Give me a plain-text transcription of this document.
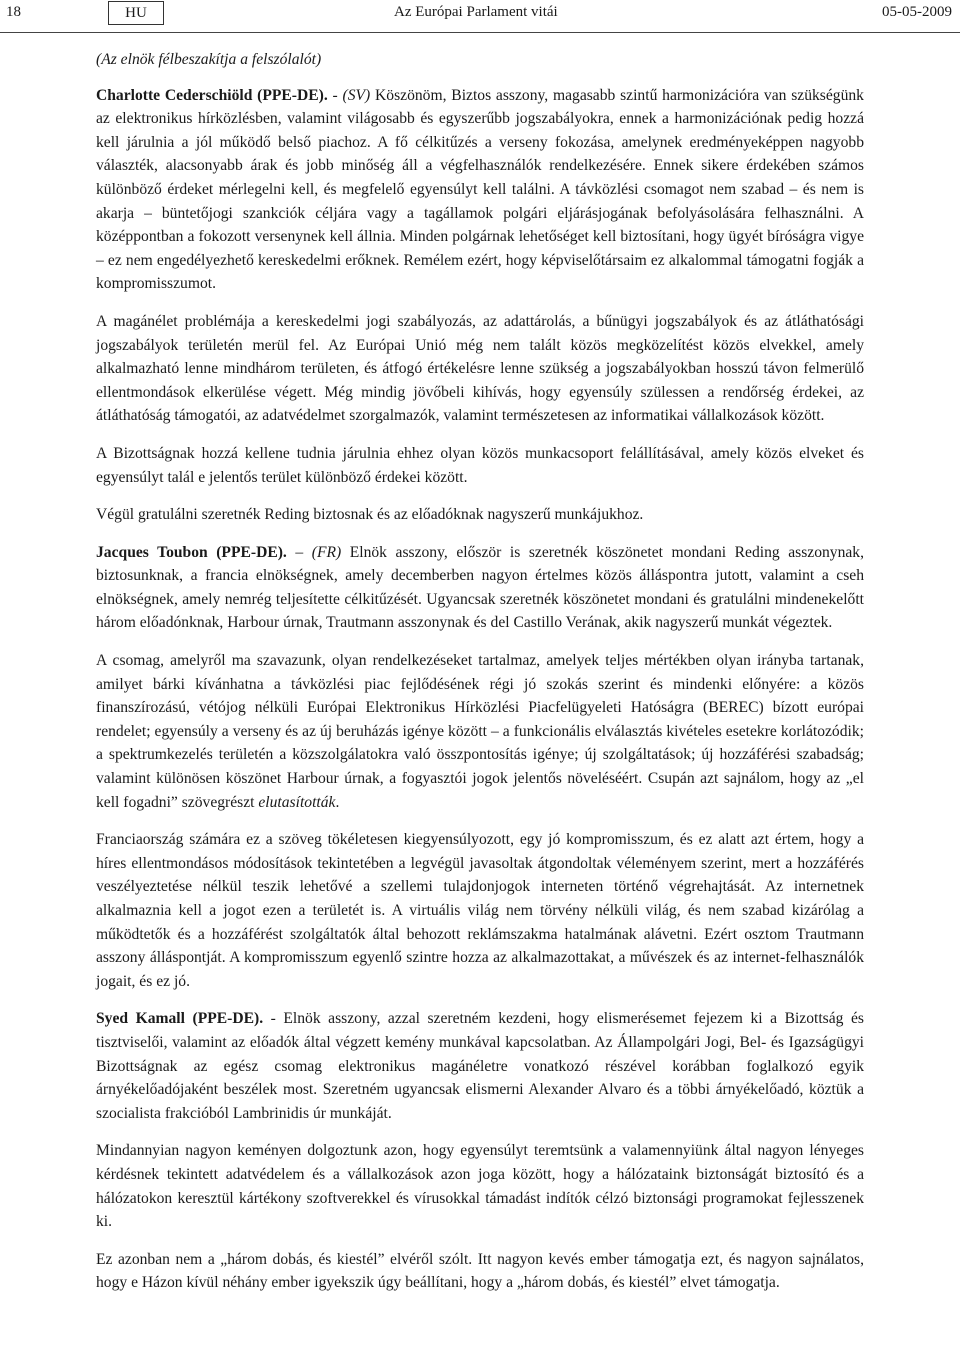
18	HU	Az Európai Parlament vitái	05-05-2009

(Az elnök félbeszakítja a felszólalót)

Charlotte Cederschiöld (PPE-DE). - (SV) Köszönöm, Biztos asszony, magasabb szintű harmonizációra van szükségünk az elektronikus hírközlésben, valamint világosabb és egyszerűbb jogszabályokra, ennek a harmonizációnak pedig hozzá kell járulnia a jól működő belső piachoz. A fő célkitűzés a verseny fokozása, amelynek eredményeképpen nagyobb választék, alacsonyabb árak és jobb minőség áll a végfelhasználók rendelkezésére. Ennek sikere érdekében számos különböző érdeket mérlegelni kell, és megfelelő egyensúlyt kell találni. A távközlési csomagot nem szabad – és nem is akarja – büntetőjogi szankciók céljára vagy a tagállamok polgári eljárásjogának befolyásolására felhasználni. A középpontban a fokozott versenynek kell állnia. Minden polgárnak lehetőséget kell biztosítani, hogy ügyét bíróságra vigye – ez nem engedélyezhető kereskedelmi erőknek. Remélem ezért, hogy képviselőtársaim ez alkalommal támogatni fogják a kompromisszumot.

A magánélet problémája a kereskedelmi jogi szabályozás, az adattárolás, a bűnügyi jogszabályok és az átláthatósági jogszabályok területén merül fel. Az Európai Unió még nem talált közös megközelítést közös elvekkel, amely alkalmazható lenne mindhárom területen, és átfogó értékelésre lenne szükség a jogszabályokban hosszú távon felmerülő ellentmondások elkerülése végett. Még mindig jövőbeli kihívás, hogy egyensúly szülessen a rendőrség érdekei, az átláthatóság támogatói, az adatvédelmet szorgalmazók, valamint természetesen az informatikai vállalkozások között.

A Bizottságnak hozzá kellene tudnia járulnia ehhez olyan közös munkacsoport felállításával, amely közös elveket és egyensúlyt talál e jelentős terület különböző érdekei között.

Végül gratulálni szeretnék Reding biztosnak és az előadóknak nagyszerű munkájukhoz.

Jacques Toubon (PPE-DE). – (FR) Elnök asszony, először is szeretnék köszönetet mondani Reding asszonynak, biztosunknak, a francia elnökségnek, amely decemberben nagyon értelmes közös álláspontra jutott, valamint a cseh elnökségnek, amely nemrég teljesítette célkitűzését. Ugyancsak szeretnék köszönetet mondani és gratulálni mindenekelőtt három előadónknak, Harbour úrnak, Trautmann asszonynak és del Castillo Verának, akik nagyszerű munkát végeztek.

A csomag, amelyről ma szavazunk, olyan rendelkezéseket tartalmaz, amelyek teljes mértékben olyan irányba tartanak, amilyet bárki kívánhatna a távközlési piac fejlődésének régi jó szokás szerint és mindenki előnyére: a közös finanszírozású, vétójog nélküli Európai Elektronikus Hírközlési Piacfelügyeleti Hatóságra (BEREC) bízott európai rendelet; egyensúly a verseny és az új beruházás igénye között – a funkcionális elválasztás kivételes esetekre korlátozódik; a spektrumkezelés területén a közszolgálatokra való összpontosítás igénye; új szolgáltatások; új hozzáférési szabadság; valamint különösen köszönet Harbour úrnak, a fogyasztói jogok jelentős növeléséért. Csupán azt sajnálom, hogy az „el kell fogadni” szövegrészt elutasították.

Franciaország számára ez a szöveg tökéletesen kiegyensúlyozott, egy jó kompromisszum, és ez alatt azt értem, hogy a híres ellentmondásos módosítások tekintetében a legvégül javasoltak átgondoltak véleményem szerint, mert a hozzáférés veszélyeztetése nélkül teszik lehetővé a szellemi tulajdonjogok interneten történő végrehajtását. Az internetnek alkalmaznia kell a jogot ezen a területét is. A virtuális világ nem törvény nélküli világ, és nem szabad kizárólag a működtetők és a hozzáférést szolgáltatók által behozott reklámszakma hatalmának alávetni. Ezért osztom Trautmann asszony álláspontját. A kompromisszum egyenlő szintre hozza az alkalmazottakat, a művészek és az internet-felhasználók jogait, és ez jó.

Syed Kamall (PPE-DE). - Elnök asszony, azzal szeretném kezdeni, hogy elismerésemet fejezem ki a Bizottság és tisztviselői, valamint az előadók által végzett kemény munkával kapcsolatban. Az Állampolgári Jogi, Bel- és Igazságügyi Bizottságnak az egész csomag elektronikus magánéletre vonatkozó részével korábban foglalkozó egyik árnyékelőadójaként beszélek most. Szeretném ugyancsak elismerni Alexander Alvaro és a többi árnyékelőadó, köztük a szocialista frakcióból Lambrinidis úr munkáját.

Mindannyian nagyon keményen dolgoztunk azon, hogy egyensúlyt teremtsünk a valamennyiünk által nagyon lényeges kérdésnek tekintett adatvédelem és a vállalkozások azon joga között, hogy a hálózataink biztonságát biztosító és a hálózatokon keresztül kártékony szoftverekkel és vírusokkal támadást indítók célzó biztonsági programokat fejlesszenek ki.

Ez azonban nem a „három dobás, és kiestél” elvéről szólt. Itt nagyon kevés ember támogatja ezt, és nagyon sajnálatos, hogy e Házon kívül néhány ember igyekszik úgy beállítani, hogy a „három dobás, és kiestél” elvet támogatja.
